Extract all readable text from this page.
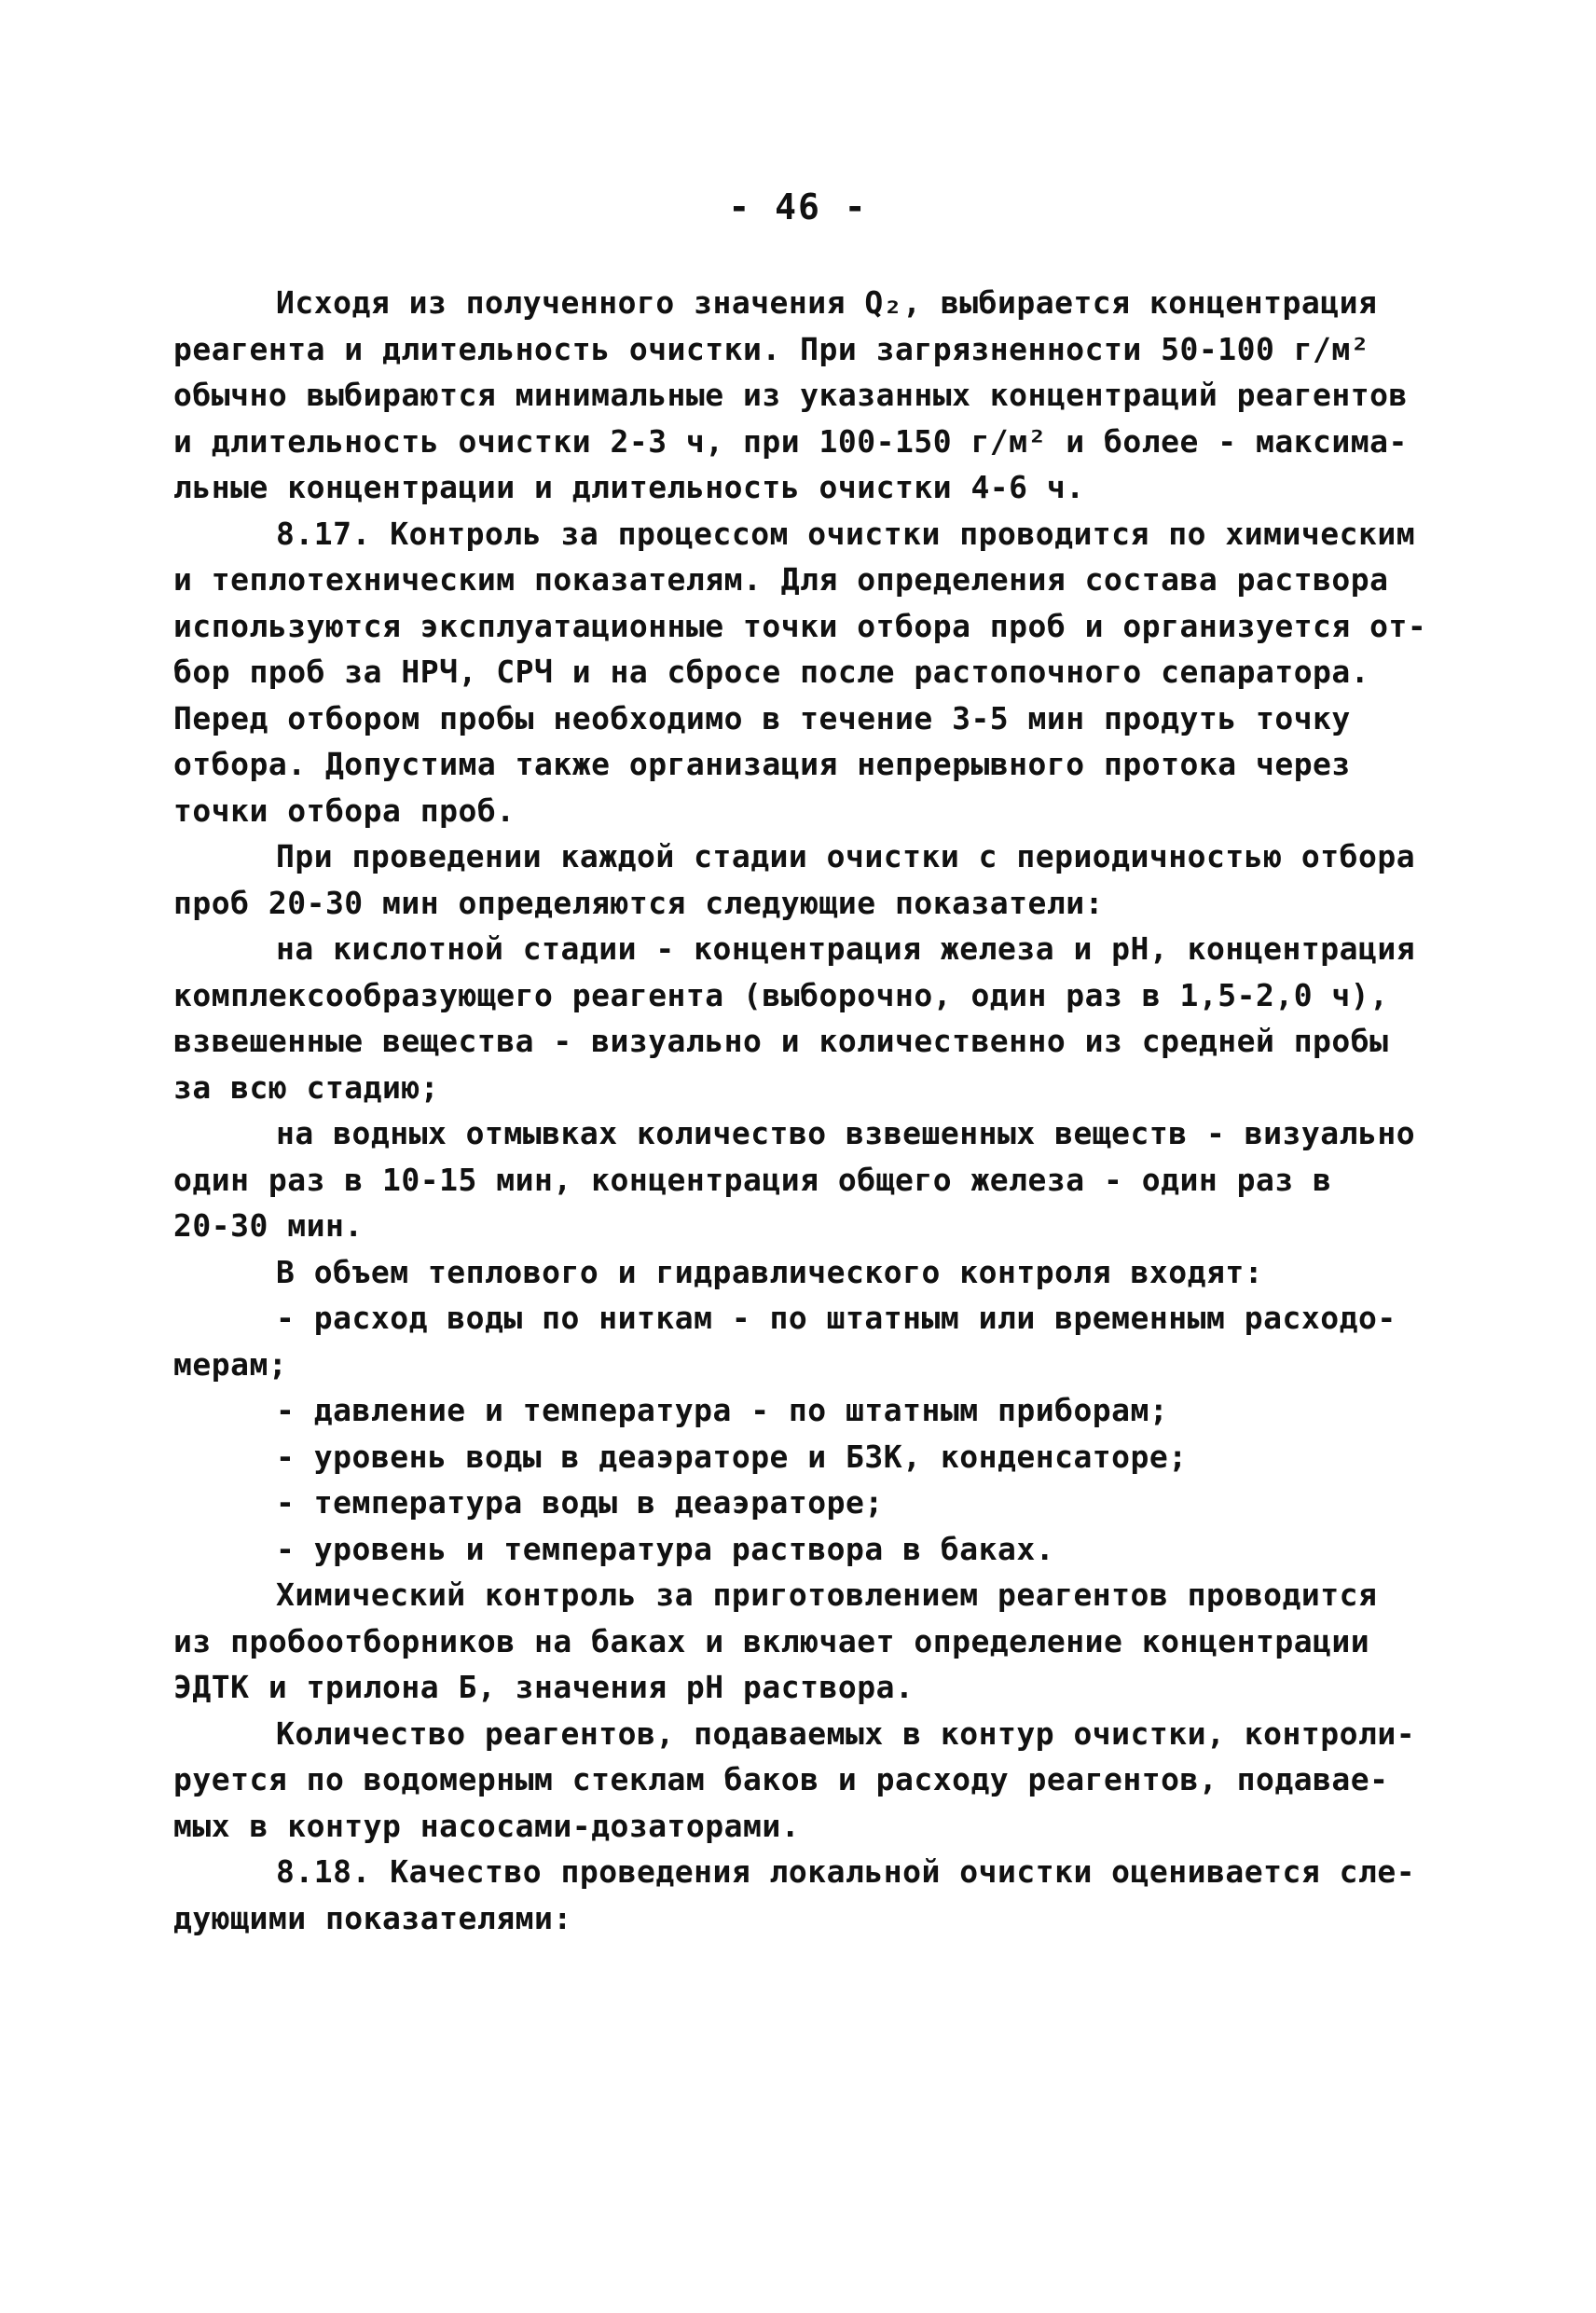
- 46 -
Исходя из полученного значения Q₂, выбирается концентрация
реагента и длительность очистки. При загрязненности 50-100 г/м²
обычно выбираются минимальные из указанных концентраций реагентов
и длительность очистки 2-3 ч, при 100-150 г/м² и более - максима-
льные концентрации и длительность очистки 4-6 ч.
8.17. Контроль за процессом очистки проводится по химическим
и теплотехническим показателям. Для определения состава раствора
используются эксплуатационные точки отбора проб и организуется от-
бор проб за НРЧ, СРЧ и на сбросе после растопочного сепаратора.
Перед отбором пробы необходимо в течение 3-5 мин продуть точку
отбора. Допустима также организация непрерывного протока через
точки отбора проб.
При проведении каждой стадии очистки с периодичностью отбора
проб 20-30 мин определяются следующие показатели:
на кислотной стадии - концентрация железа и рН, концентрация
комплексообразующего реагента (выборочно, один раз в 1,5-2,0 ч),
взвешенные вещества - визуально и количественно из средней пробы
за всю стадию;
на водных отмывках количество взвешенных веществ - визуально
один раз в 10-15 мин, концентрация общего железа - один раз в
20-30 мин.
В объем теплового и гидравлического контроля входят:
- расход воды по ниткам - по штатным или временным расходо-
мерам;
- давление и температура - по штатным приборам;
- уровень воды в деаэраторе и БЗК, конденсаторе;
- температура воды в деаэраторе;
- уровень и температура раствора в баках.
Химический контроль за приготовлением реагентов проводится
из пробоотборников на баках и включает определение концентрации
ЭДТК и трилона Б, значения рН раствора.
Количество реагентов, подаваемых в контур очистки, контроли-
руется по водомерным стеклам баков и расходу реагентов, подавае-
мых в контур насосами-дозаторами.
8.18. Качество проведения локальной очистки оценивается сле-
дующими показателями:
